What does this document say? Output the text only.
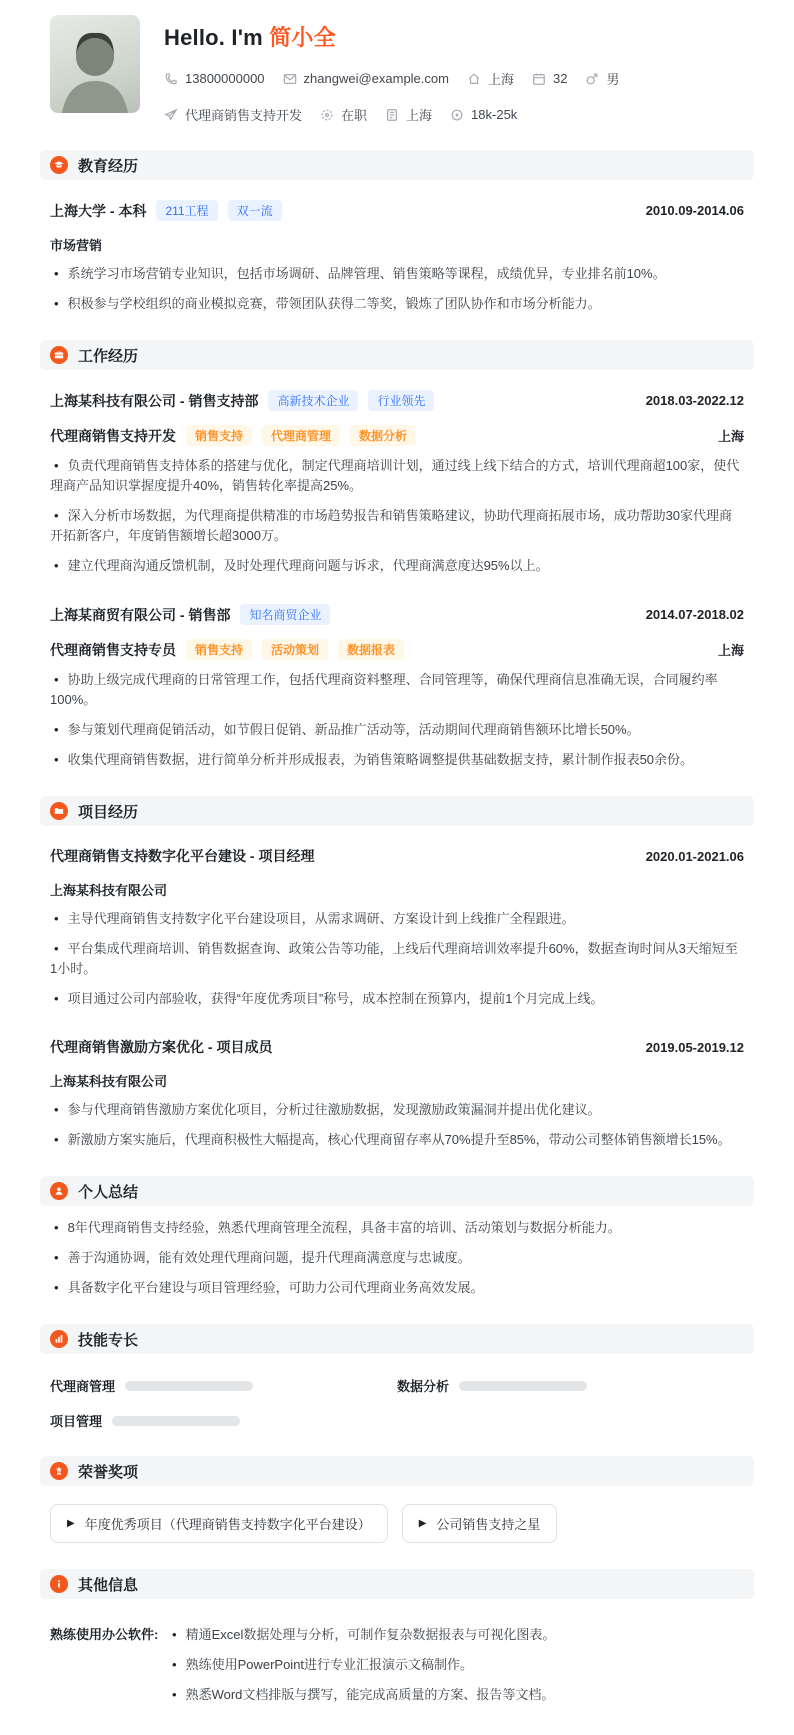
Hello. I'm 简小全
13800000000	zhangwei@example.com	上海	32	男
代理商销售支持开发	在职	上海	18k-25k
教育经历
上海大学 - 本科	211工程	双一流	2010.09-2014.06
市场营销
• 系统学习市场营销专业知识，包括市场调研、品牌管理、销售策略等课程，成绩优异，专业排名前10%。
• 积极参与学校组织的商业模拟竞赛，带领团队获得二等奖，锻炼了团队协作和市场分析能力。
工作经历
上海某科技有限公司 - 销售支持部	高新技术企业	行业领先	2018.03-2022.12
代理商销售支持开发	销售支持	代理商管理	数据分析	上海
• 负责代理商销售支持体系的搭建与优化，制定代理商培训计划，通过线上线下结合的方式，培训代理商超100家，使代理商产品知识掌握度提升40%，销售转化率提高25%。
• 深入分析市场数据，为代理商提供精准的市场趋势报告和销售策略建议，协助代理商拓展市场，成功帮助30家代理商开拓新客户，年度销售额增长超3000万。
• 建立代理商沟通反馈机制，及时处理代理商问题与诉求，代理商满意度达95%以上。
上海某商贸有限公司 - 销售部	知名商贸企业	2014.07-2018.02
代理商销售支持专员	销售支持	活动策划	数据报表	上海
• 协助上级完成代理商的日常管理工作，包括代理商资料整理、合同管理等，确保代理商信息准确无误，合同履约率100%。
• 参与策划代理商促销活动，如节假日促销、新品推广活动等，活动期间代理商销售额环比增长50%。
• 收集代理商销售数据，进行简单分析并形成报表，为销售策略调整提供基础数据支持，累计制作报表50余份。
项目经历
代理商销售支持数字化平台建设 - 项目经理	2020.01-2021.06
上海某科技有限公司
• 主导代理商销售支持数字化平台建设项目，从需求调研、方案设计到上线推广全程跟进。
• 平台集成代理商培训、销售数据查询、政策公告等功能，上线后代理商培训效率提升60%，数据查询时间从3天缩短至1小时。
• 项目通过公司内部验收，获得“年度优秀项目”称号，成本控制在预算内，提前1个月完成上线。
代理商销售激励方案优化 - 项目成员	2019.05-2019.12
上海某科技有限公司
• 参与代理商销售激励方案优化项目，分析过往激励数据，发现激励政策漏洞并提出优化建议。
• 新激励方案实施后，代理商积极性大幅提高，核心代理商留存率从70%提升至85%，带动公司整体销售额增长15%。
个人总结
• 8年代理商销售支持经验，熟悉代理商管理全流程，具备丰富的培训、活动策划与数据分析能力。
• 善于沟通协调，能有效处理代理商问题，提升代理商满意度与忠诚度。
• 具备数字化平台建设与项目管理经验，可助力公司代理商业务高效发展。
技能专长
代理商管理	数据分析
项目管理
荣誉奖项
▶ 年度优秀项目（代理商销售支持数字化平台建设）	▶ 公司销售支持之星
其他信息
熟练使用办公软件:	• 精通Excel数据处理与分析，可制作复杂数据报表与可视化图表。
• 熟练使用PowerPoint进行专业汇报演示文稿制作。
• 熟悉Word文档排版与撰写，能完成高质量的方案、报告等文档。
